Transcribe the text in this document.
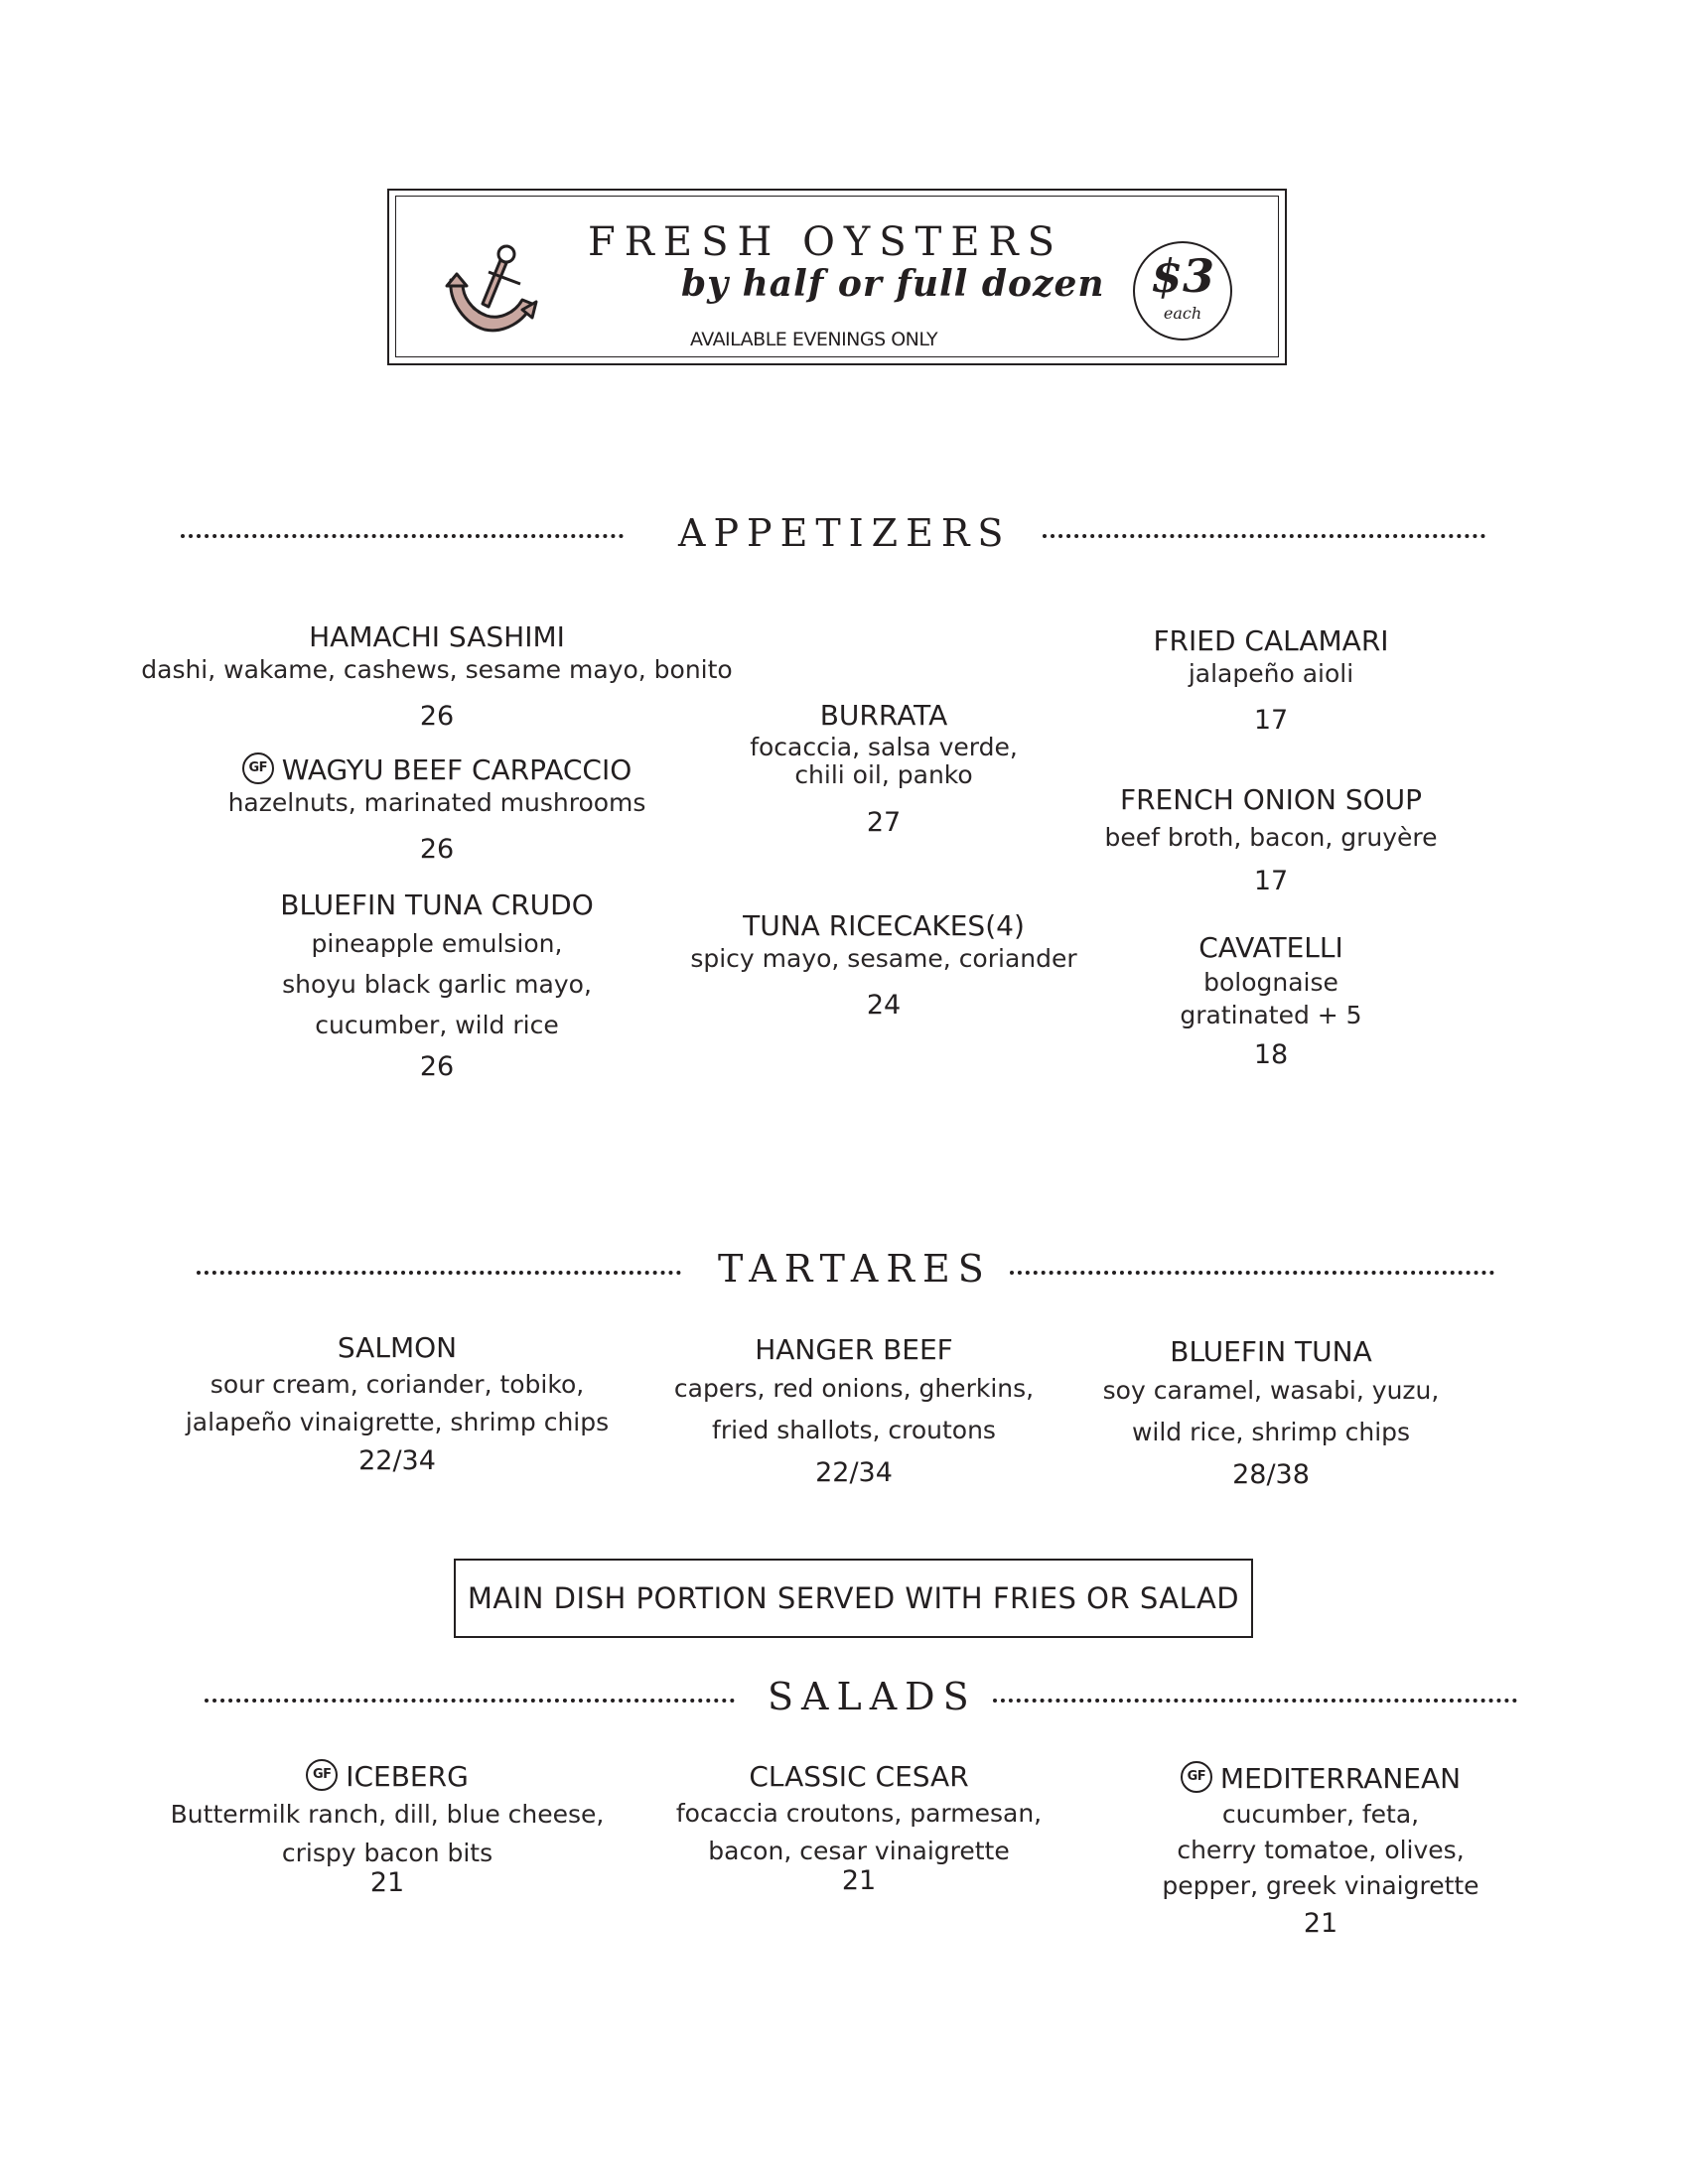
FRESH OYSTERS
by half or full dozen
AVAILABLE EVENINGS ONLY
$3
each
APPETIZERS
HAMACHI SASHIMI
dashi, wakame, cashews, sesame mayo, bonito
26
GF WAGYU BEEF CARPACCIO
hazelnuts, marinated mushrooms
26
BLUEFIN TUNA CRUDO
pineapple emulsion,
shoyu black garlic mayo,
cucumber, wild rice
26
BURRATA
focaccia, salsa verde,
chili oil, panko
27
TUNA RICECAKES(4)
spicy mayo, sesame, coriander
24
FRIED CALAMARI
jalapeño aioli
17
FRENCH ONION SOUP
beef broth, bacon, gruyère
17
CAVATELLI
bolognaise
gratinated + 5
18
TARTARES
SALMON
sour cream, coriander, tobiko,
jalapeño vinaigrette, shrimp chips
22/34
HANGER BEEF
capers, red onions, gherkins,
fried shallots, croutons
22/34
BLUEFIN TUNA
soy caramel, wasabi, yuzu,
wild rice, shrimp chips
28/38
MAIN DISH PORTION SERVED WITH FRIES OR SALAD
SALADS
GF ICEBERG
Buttermilk ranch, dill, blue cheese,
crispy bacon bits
21
CLASSIC CESAR
focaccia croutons, parmesan,
bacon, cesar vinaigrette
21
GF MEDITERRANEAN
cucumber, feta,
cherry tomatoe, olives,
pepper, greek vinaigrette
21
